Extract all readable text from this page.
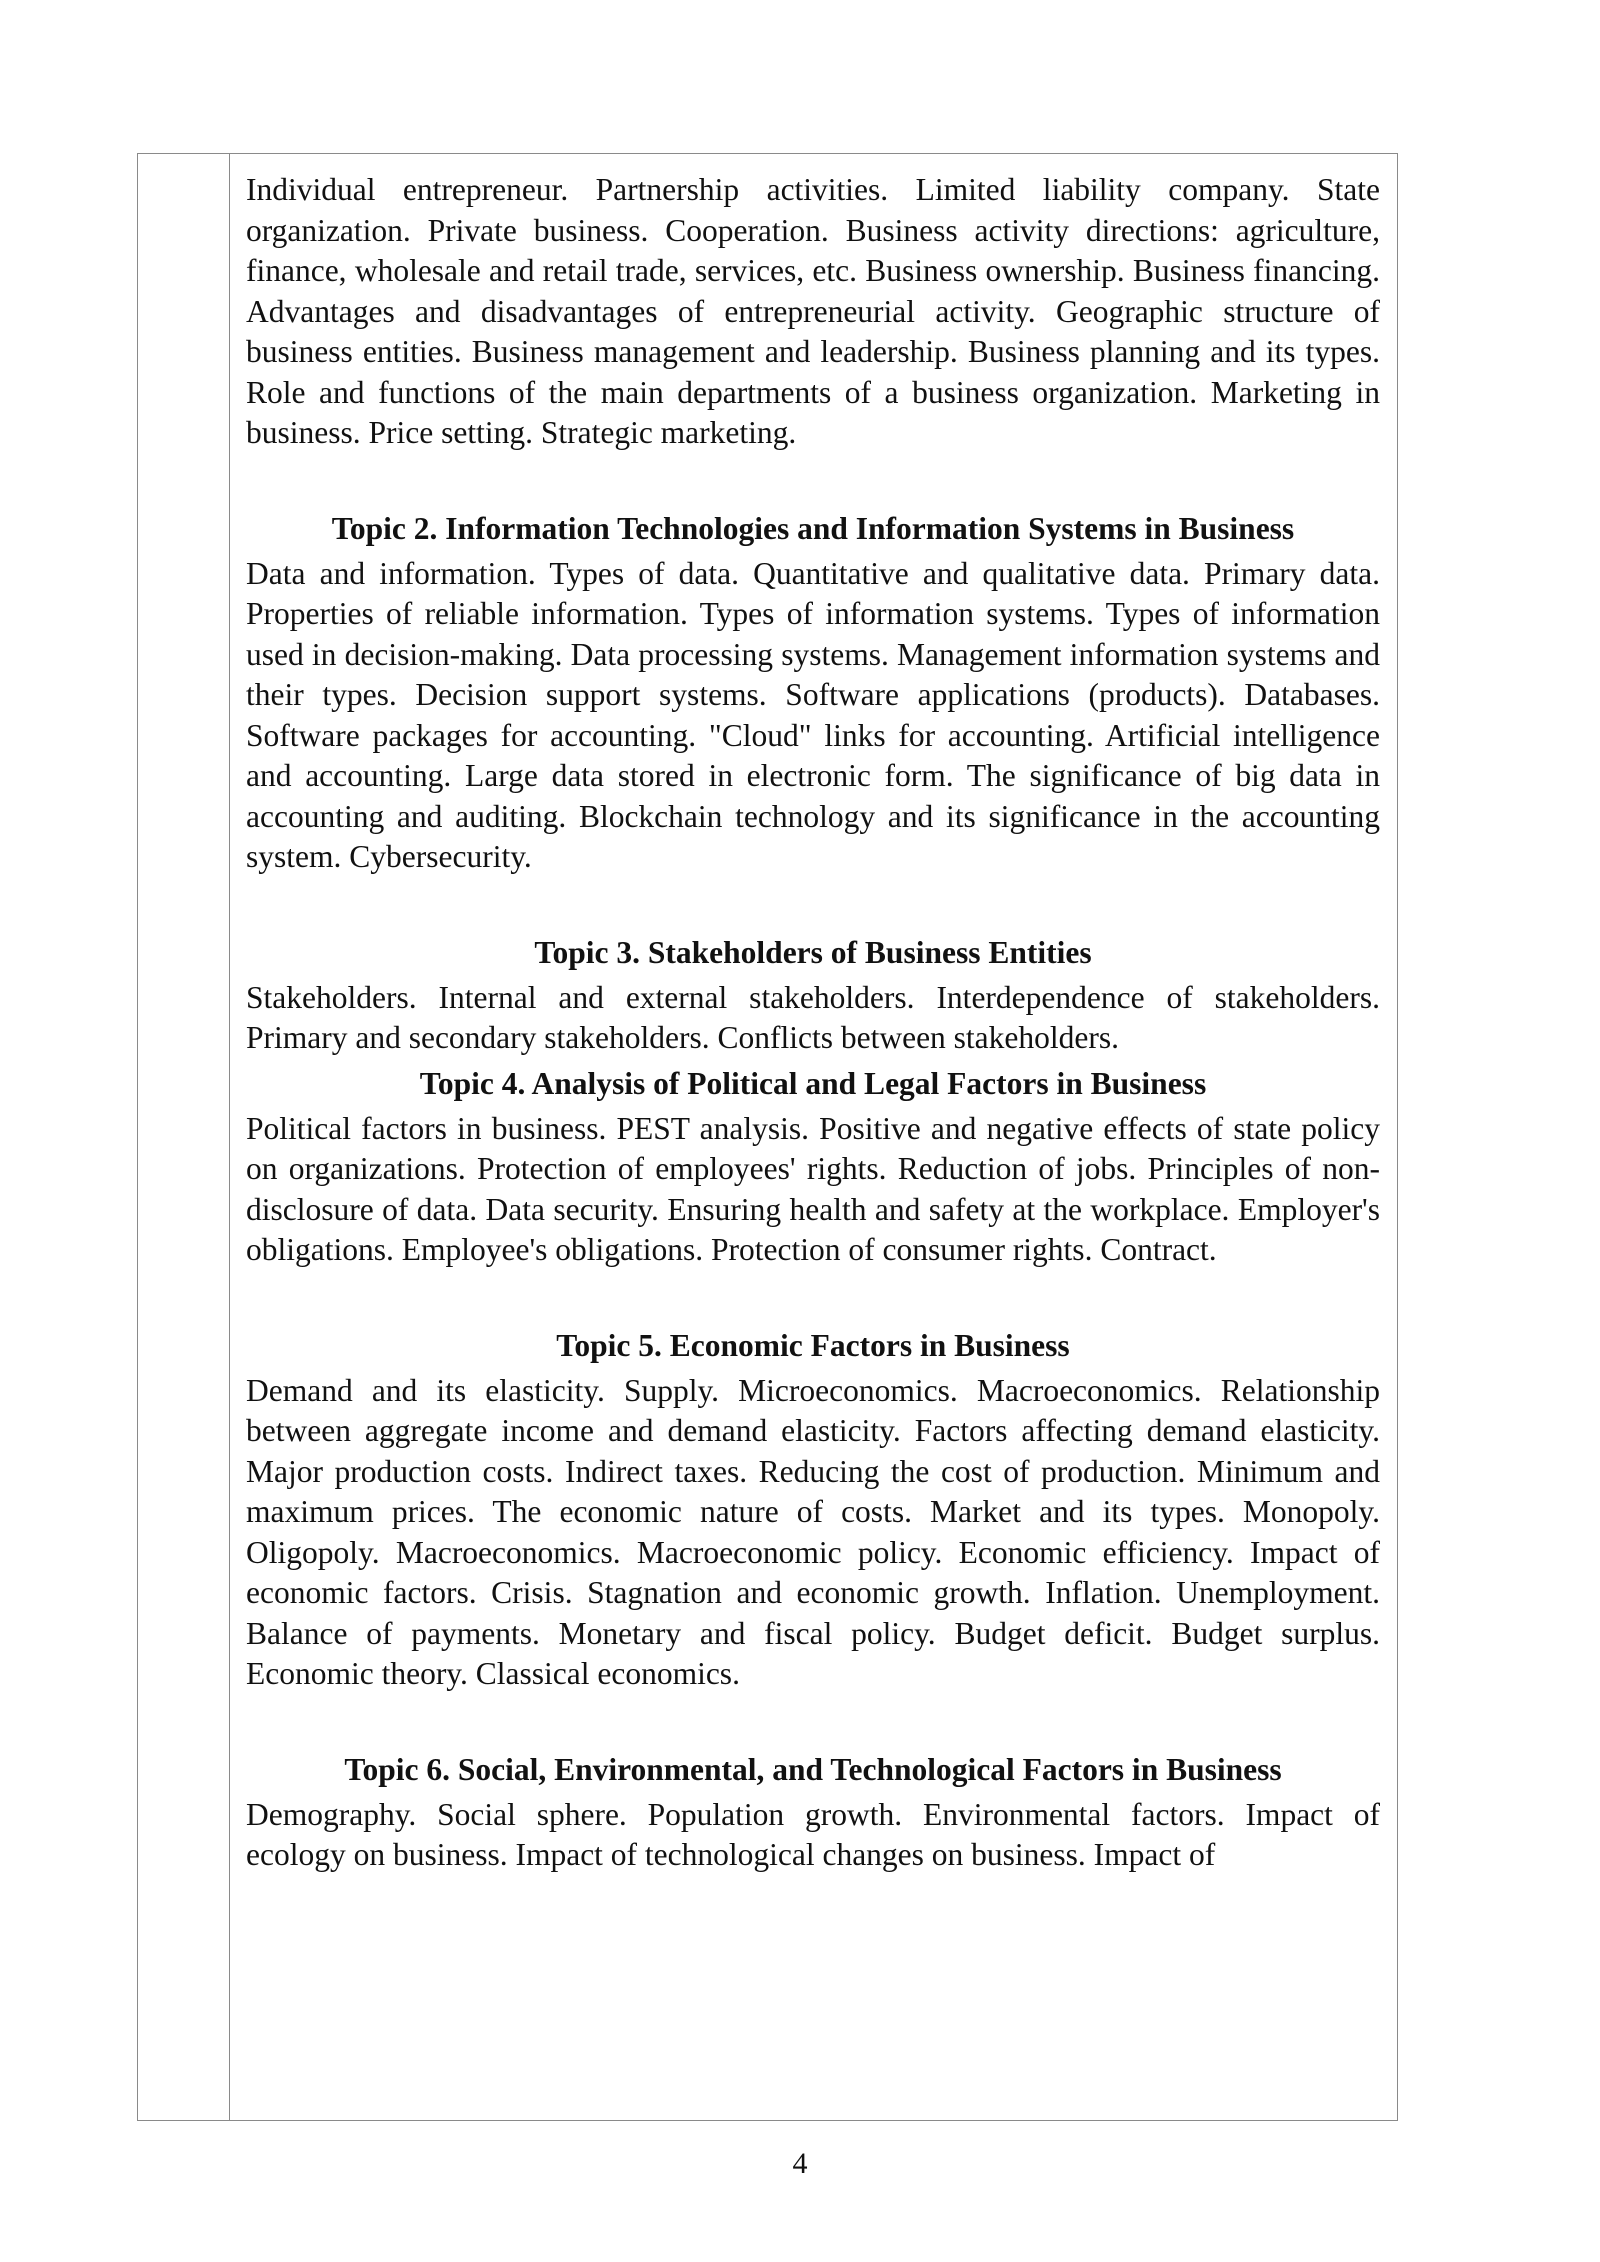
Individual entrepreneur. Partnership activities. Limited liability company. State organization. Private business. Cooperation. Business activity directions: agriculture, finance, wholesale and retail trade, services, etc. Business ownership. Business financing. Advantages and disadvantages of entrepreneurial activity. Geographic structure of business entities. Business management and leadership. Business planning and its types. Role and functions of the main departments of a business organization. Marketing in business. Price setting. Strategic marketing.

Topic 2. Information Technologies and Information Systems in Business

Data and information. Types of data. Quantitative and qualitative data. Primary data. Properties of reliable information. Types of information systems. Types of information used in decision-making. Data processing systems. Management information systems and their types. Decision support systems. Software applications (products). Databases. Software packages for accounting. "Cloud" links for accounting. Artificial intelligence and accounting. Large data stored in electronic form. The significance of big data in accounting and auditing. Blockchain technology and its significance in the accounting system. Cybersecurity.

Topic 3. Stakeholders of Business Entities

Stakeholders. Internal and external stakeholders. Interdependence of stakeholders. Primary and secondary stakeholders. Conflicts between stakeholders.

Topic 4. Analysis of Political and Legal Factors in Business

Political factors in business. PEST analysis. Positive and negative effects of state policy on organizations. Protection of employees' rights. Reduction of jobs. Principles of non-disclosure of data. Data security. Ensuring health and safety at the workplace. Employer's obligations. Employee's obligations. Protection of consumer rights. Contract.

Topic 5. Economic Factors in Business

Demand and its elasticity. Supply. Microeconomics. Macroeconomics. Relationship between aggregate income and demand elasticity. Factors affecting demand elasticity. Major production costs. Indirect taxes. Reducing the cost of production. Minimum and maximum prices. The economic nature of costs. Market and its types. Monopoly. Oligopoly. Macroeconomics. Macroeconomic policy. Economic efficiency. Impact of economic factors. Crisis. Stagnation and economic growth. Inflation. Unemployment. Balance of payments. Monetary and fiscal policy. Budget deficit. Budget surplus. Economic theory. Classical economics.

Topic 6. Social, Environmental, and Technological Factors in Business

Demography. Social sphere. Population growth. Environmental factors. Impact of ecology on business. Impact of technological changes on business. Impact of

4
